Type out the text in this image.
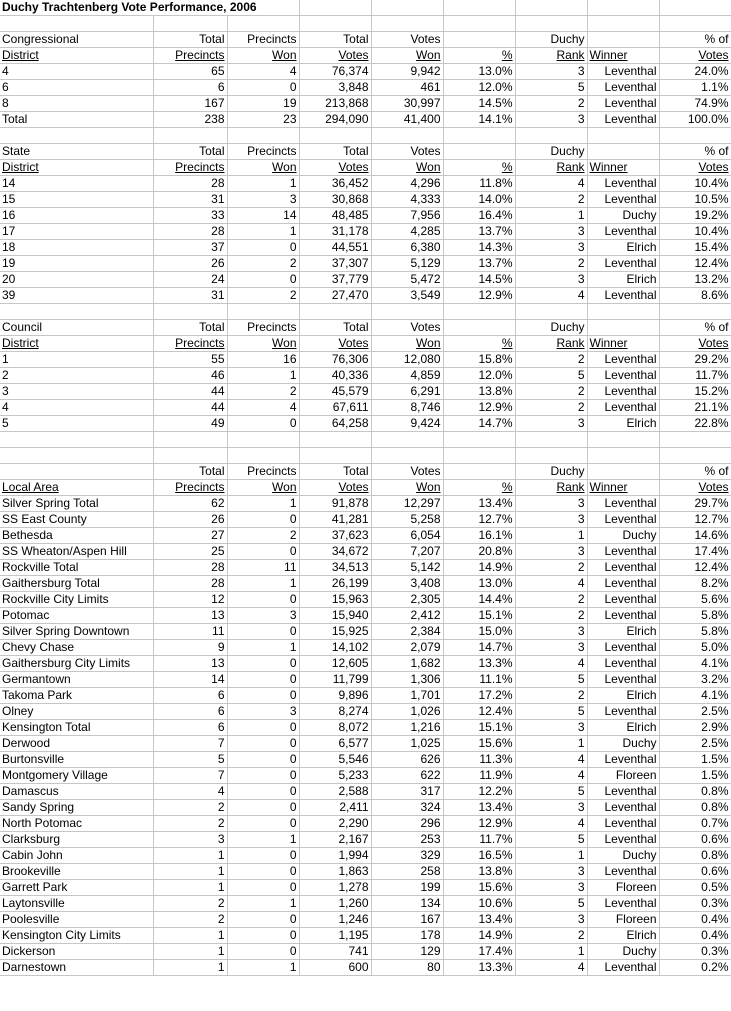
Duchy Trachtenberg Vote Performance, 2006								

Congressional	Total	Precincts	Total	Votes		Duchy		% of
District	Precincts	Won	Votes	Won	%	Rank	Winner	Votes
4	65	4	76,374	9,942	13.0%	3	Leventhal	24.0%
6	6	0	3,848	461	12.0%	5	Leventhal	1.1%
8	167	19	213,868	30,997	14.5%	2	Leventhal	74.9%
Total	238	23	294,090	41,400	14.1%	3	Leventhal	100.0%

State	Total	Precincts	Total	Votes		Duchy		% of
District	Precincts	Won	Votes	Won	%	Rank	Winner	Votes
14	28	1	36,452	4,296	11.8%	4	Leventhal	10.4%
15	31	3	30,868	4,333	14.0%	2	Leventhal	10.5%
16	33	14	48,485	7,956	16.4%	1	Duchy	19.2%
17	28	1	31,178	4,285	13.7%	3	Leventhal	10.4%
18	37	0	44,551	6,380	14.3%	3	Elrich	15.4%
19	26	2	37,307	5,129	13.7%	2	Leventhal	12.4%
20	24	0	37,779	5,472	14.5%	3	Elrich	13.2%
39	31	2	27,470	3,549	12.9%	4	Leventhal	8.6%

Council	Total	Precincts	Total	Votes		Duchy		% of
District	Precincts	Won	Votes	Won	%	Rank	Winner	Votes
1	55	16	76,306	12,080	15.8%	2	Leventhal	29.2%
2	46	1	40,336	4,859	12.0%	5	Leventhal	11.7%
3	44	2	45,579	6,291	13.8%	2	Leventhal	15.2%
4	44	4	67,611	8,746	12.9%	2	Leventhal	21.1%
5	49	0	64,258	9,424	14.7%	3	Elrich	22.8%

	Total	Precincts	Total	Votes		Duchy		% of
Local Area	Precincts	Won	Votes	Won	%	Rank	Winner	Votes
Silver Spring Total	62	1	91,878	12,297	13.4%	3	Leventhal	29.7%
SS East County	26	0	41,281	5,258	12.7%	3	Leventhal	12.7%
Bethesda	27	2	37,623	6,054	16.1%	1	Duchy	14.6%
SS Wheaton/Aspen Hill	25	0	34,672	7,207	20.8%	3	Leventhal	17.4%
Rockville Total	28	11	34,513	5,142	14.9%	2	Leventhal	12.4%
Gaithersburg Total	28	1	26,199	3,408	13.0%	4	Leventhal	8.2%
Rockville City Limits	12	0	15,963	2,305	14.4%	2	Leventhal	5.6%
Potomac	13	3	15,940	2,412	15.1%	2	Leventhal	5.8%
Silver Spring Downtown	11	0	15,925	2,384	15.0%	3	Elrich	5.8%
Chevy Chase	9	1	14,102	2,079	14.7%	3	Leventhal	5.0%
Gaithersburg City Limits	13	0	12,605	1,682	13.3%	4	Leventhal	4.1%
Germantown	14	0	11,799	1,306	11.1%	5	Leventhal	3.2%
Takoma Park	6	0	9,896	1,701	17.2%	2	Elrich	4.1%
Olney	6	3	8,274	1,026	12.4%	5	Leventhal	2.5%
Kensington Total	6	0	8,072	1,216	15.1%	3	Elrich	2.9%
Derwood	7	0	6,577	1,025	15.6%	1	Duchy	2.5%
Burtonsville	5	0	5,546	626	11.3%	4	Leventhal	1.5%
Montgomery Village	7	0	5,233	622	11.9%	4	Floreen	1.5%
Damascus	4	0	2,588	317	12.2%	5	Leventhal	0.8%
Sandy Spring	2	0	2,411	324	13.4%	3	Leventhal	0.8%
North Potomac	2	0	2,290	296	12.9%	4	Leventhal	0.7%
Clarksburg	3	1	2,167	253	11.7%	5	Leventhal	0.6%
Cabin John	1	0	1,994	329	16.5%	1	Duchy	0.8%
Brookeville	1	0	1,863	258	13.8%	3	Leventhal	0.6%
Garrett Park	1	0	1,278	199	15.6%	3	Floreen	0.5%
Laytonsville	2	1	1,260	134	10.6%	5	Leventhal	0.3%
Poolesville	2	0	1,246	167	13.4%	3	Floreen	0.4%
Kensington City Limits	1	0	1,195	178	14.9%	2	Elrich	0.4%
Dickerson	1	0	741	129	17.4%	1	Duchy	0.3%
Darnestown	1	1	600	80	13.3%	4	Leventhal	0.2%
